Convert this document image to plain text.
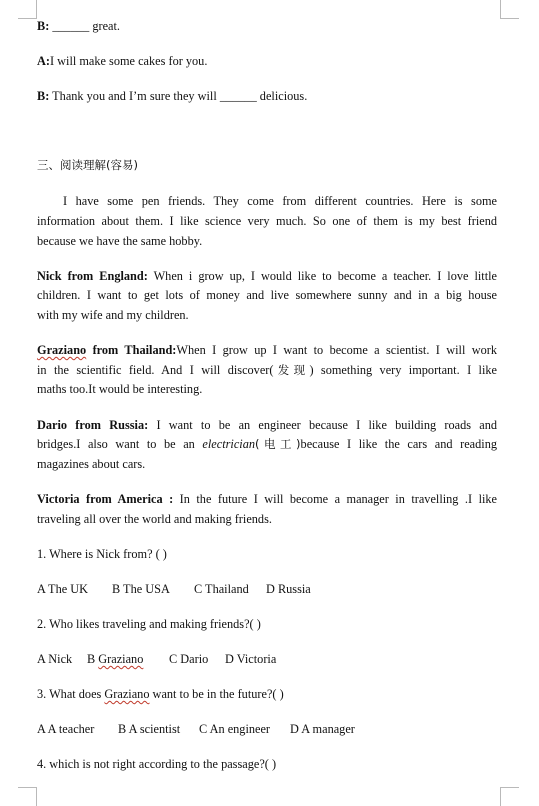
B: ______ great.
A:I will make some cakes for you.
B: Thank you and I’m sure they will ______ delicious.
三、阅读理解(容易)
I have some pen friends. They come from different countries. Here is some
information about them. I like science very much. So one of them is my best friend
because we have the same hobby.
Nick from England: When i grow up, I would like to become a teacher. I love little
children. I want to get lots of money and live somewhere sunny and in a big house
with my wife and my children.
Graziano from Thailand:When I grow up I want to become a scientist. I will work
in the scientific field. And I will discover(发现) something very important. I like
maths too.It would be interesting.
Dario from Russia: I want to be an engineer because I like building roads and
bridges.I also want to be an electrician(电工)because I like the cars and reading
magazines about cars.
Victoria from America : In the future I will become a manager in travelling .I like
traveling all over the world and making friends.
1. Where is Nick from? ( )
A The UK B The USA C Thailand D Russia
2. Who likes traveling and making friends?( )
A Nick B Graziano C Dario D Victoria
3. What does Graziano want to be in the future?( )
A A teacher B A scientist C An engineer D A manager
4. which is not right according to the passage?( )
